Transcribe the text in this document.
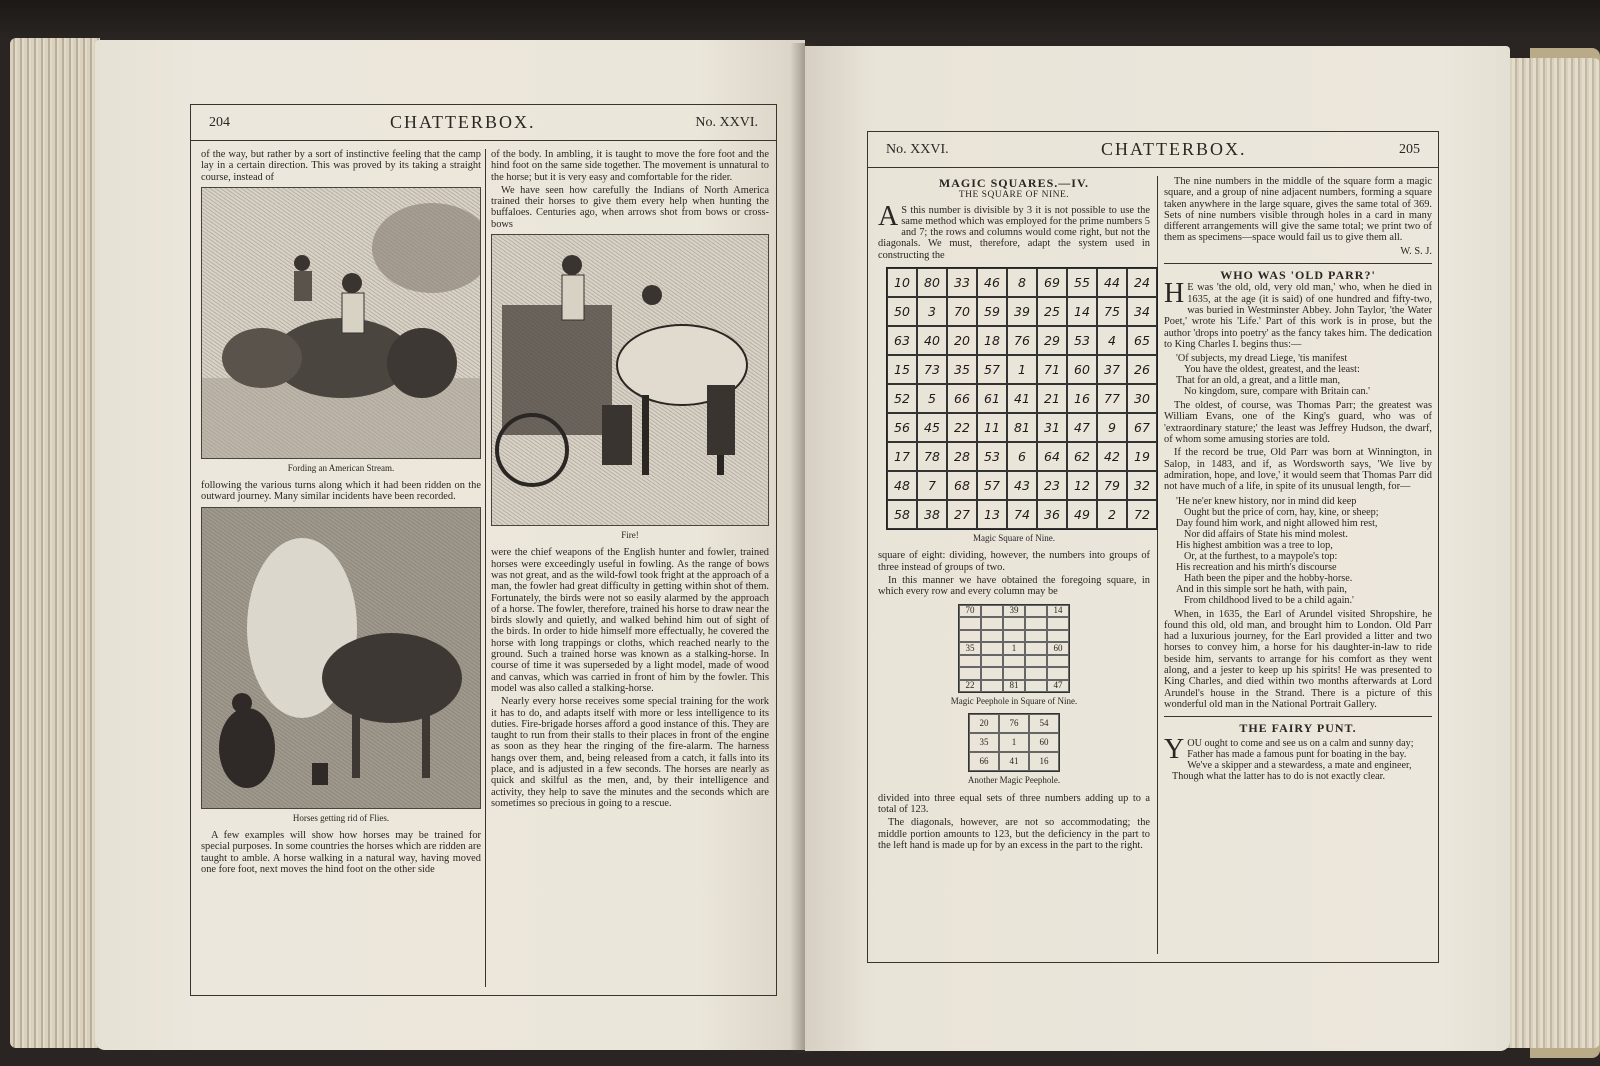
204	CHATTERBOX.	No. XXVI.

of the way, but rather by a sort of instinctive feeling that the camp lay in a certain direction. This was proved by its taking a straight course, instead of

Fording an American Stream.

following the various turns along which it had been ridden on the outward journey. Many similar incidents have been recorded.

Horses getting rid of Flies.

A few examples will show how horses may be trained for special purposes. In some countries the horses which are ridden are taught to amble. A horse walking in a natural way, having moved one fore foot, next moves the hind foot on the other side

of the body. In ambling, it is taught to move the fore foot and the hind foot on the same side together. The movement is unnatural to the horse; but it is very easy and comfortable for the rider.

We have seen how carefully the Indians of North America trained their horses to give them every help when hunting the buffaloes. Centuries ago, when arrows shot from bows or cross-bows

Fire!

were the chief weapons of the English hunter and fowler, trained horses were exceedingly useful in fowling. As the range of bows was not great, and as the wild-fowl took fright at the approach of a man, the fowler had great difficulty in getting within shot of them. Fortunately, the birds were not so easily alarmed by the approach of a horse. The fowler, therefore, trained his horse to draw near the birds slowly and quietly, and walked behind him out of sight of the birds. In order to hide himself more effectually, he covered the horse with long trappings or cloths, which reached nearly to the ground. Such a trained horse was known as a stalking-horse. In course of time it was superseded by a light model, made of wood and canvas, which was carried in front of him by the fowler. This model was also called a stalking-horse.

Nearly every horse receives some special training for the work it has to do, and adapts itself with more or less intelligence to its duties. Fire-brigade horses afford a good instance of this. They are taught to run from their stalls to their places in front of the engine as soon as they hear the ringing of the fire-alarm. The harness hangs over them, and, being released from a catch, it falls into its place, and is adjusted in a few seconds. The horses are nearly as quick and skilful as the men, and, by their intelligence and activity, they help to save the minutes and the seconds which are sometimes so precious in going to a rescue.

No. XXVI.	CHATTERBOX.	205

MAGIC SQUARES.—IV.

THE SQUARE OF NINE.

A S this number is divisible by 3 it is not possible to use the same method which was employed for the prime numbers 5 and 7; the rows and columns would come right, but not the diagonals. We must, therefore, adapt the system used in constructing the

10	80	33	46	8	69	55	44	24
50	3	70	59	39	25	14	75	34
63	40	20	18	76	29	53	4	65
15	73	35	57	1	71	60	37	26
52	5	66	61	41	21	16	77	30
56	45	22	11	81	31	47	9	67
17	78	28	53	6	64	62	42	19
48	7	68	57	43	23	12	79	32
58	38	27	13	74	36	49	2	72

Magic Square of Nine.

square of eight: dividing, however, the numbers into groups of three instead of groups of two.

In this manner we have obtained the foregoing square, in which every row and every column may be

70	39	14
35	1	60
22	81	47

Magic Peephole in Square of Nine.

20	76	54
35	1	60
66	41	16

Another Magic Peephole.

divided into three equal sets of three numbers adding up to a total of 123.

The diagonals, however, are not so accommodating; the middle portion amounts to 123, but the deficiency in the part to the left hand is made up for by an excess in the part to the right.

The nine numbers in the middle of the square form a magic square, and a group of nine adjacent numbers, forming a square taken anywhere in the large square, gives the same total of 369. Sets of nine numbers visible through holes in a card in many different arrangements will give the same total; we print two of them as specimens—space would fail us to give them all.

W. S. J.

WHO WAS 'OLD PARR?'

H E was 'the old, old, very old man,' who, when he died in 1635, at the age (it is said) of one hundred and fifty-two, was buried in Westminster Abbey. John Taylor, 'the Water Poet,' wrote his 'Life.' Part of this work is in prose, but the author 'drops into poetry' as the fancy takes him. The dedication to King Charles I. begins thus:—

'Of subjects, my dread Liege, 'tis manifest
You have the oldest, greatest, and the least:
That for an old, a great, and a little man,
No kingdom, sure, compare with Britain can.'

The oldest, of course, was Thomas Parr; the greatest was William Evans, one of the King's guard, who was of 'extraordinary stature;' the least was Jeffrey Hudson, the dwarf, of whom some amusing stories are told.

If the record be true, Old Parr was born at Winnington, in Salop, in 1483, and if, as Wordsworth says, 'We live by admiration, hope, and love,' it would seem that Thomas Parr did not have much of a life, in spite of its unusual length, for—

'He ne'er knew history, nor in mind did keep
Ought but the price of corn, hay, kine, or sheep;
Day found him work, and night allowed him rest,
Nor did affairs of State his mind molest.
His highest ambition was a tree to lop,
Or, at the furthest, to a maypole's top:
His recreation and his mirth's discourse
Hath been the piper and the hobby-horse.
And in this simple sort he hath, with pain,
From childhood lived to be a child again.'

When, in 1635, the Earl of Arundel visited Shropshire, he found this old, old man, and brought him to London. Old Parr had a luxurious journey, for the Earl provided a litter and two horses to convey him, a horse for his daughter-in-law to ride beside him, servants to arrange for his comfort as they went along, and a jester to keep up his spirits! He was presented to King Charles, and died within two months afterwards at Lord Arundel's house in the Strand. There is a picture of this wonderful old man in the National Portrait Gallery.

THE FAIRY PUNT.

Y OU ought to come and see us on a calm and sunny day;
Father has made a famous punt for boating in the bay.
We've a skipper and a stewardess, a mate and engineer,
Though what the latter has to do is not exactly clear.
